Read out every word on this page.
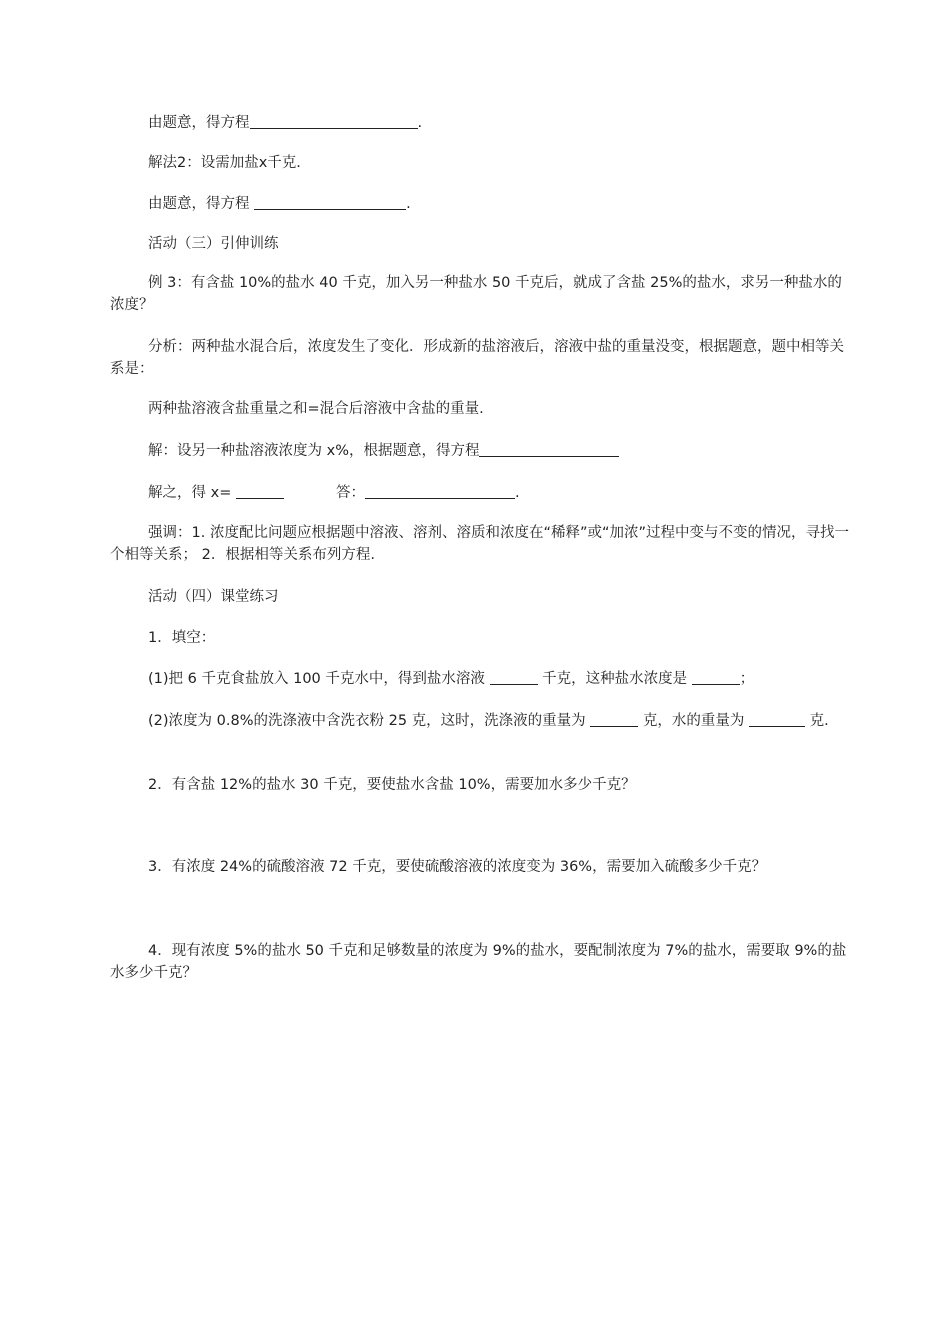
由题意，得方程	.
解法2：设需加盐x千克.
由题意，得方程	.
活动（三）引伸训练
例 3：有含盐 10%的盐水 40 千克，加入另一种盐水 50 千克后，就成了含盐 25%的盐水，求另一种盐水的浓度？
分析：两种盐水混合后，浓度发生了变化．形成新的盐溶液后，溶液中盐的重量没变，根据题意，题中相等关系是：
两种盐溶液含盐重量之和=混合后溶液中含盐的重量.
解：设另一种盐溶液浓度为 x%，根据题意，得方程
解之，得 x=	答：	.
强调：1. 浓度配比问题应根据题中溶液、溶剂、溶质和浓度在“稀释”或“加浓”过程中变与不变的情况，寻找一个相等关系； 2．根据相等关系布列方程.
活动（四）课堂练习
1．填空：
(1)把 6 千克食盐放入 100 千克水中，得到盐水溶液	千克，这种盐水浓度是	；
(2)浓度为 0.8%的洗涤液中含洗衣粉 25 克，这时，洗涤液的重量为	克，水的重量为	克.
2．有含盐 12%的盐水 30 千克，要使盐水含盐 10%，需要加水多少千克？
3．有浓度 24%的硫酸溶液 72 千克，要使硫酸溶液的浓度变为 36%，需要加入硫酸多少千克？
4．现有浓度 5%的盐水 50 千克和足够数量的浓度为 9%的盐水，要配制浓度为 7%的盐水，需要取 9%的盐水多少千克？
